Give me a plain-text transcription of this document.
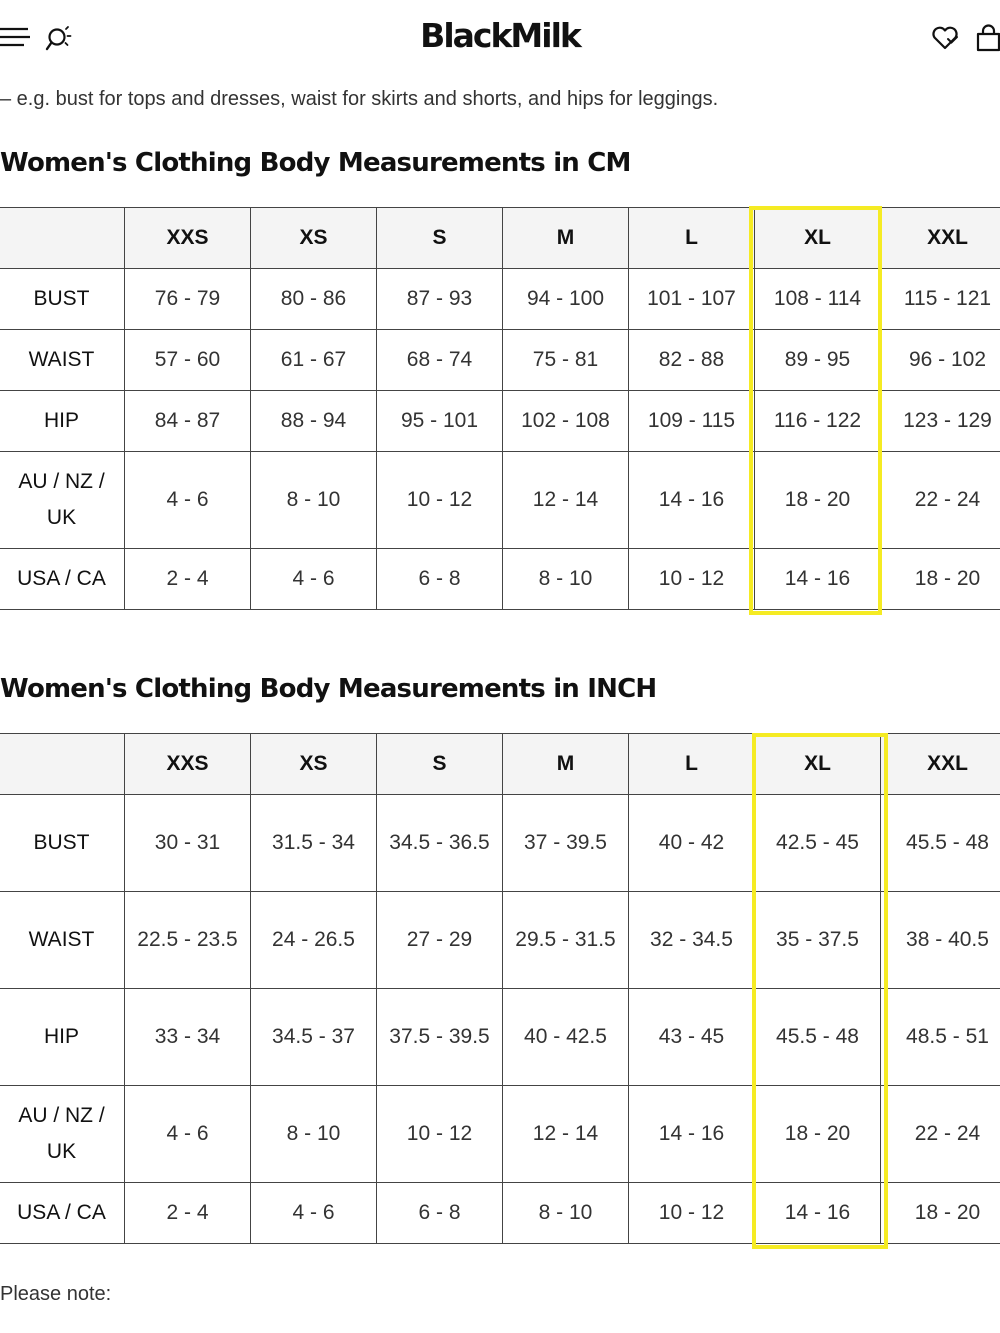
BlackMilk
– e.g. bust for tops and dresses, waist for skirts and shorts, and hips for leggings.
Women's Clothing Body Measurements in CM
	XXS	XS	S	M	L	XL	XXL
BUST	76 - 79	80 - 86	87 - 93	94 - 100	101 - 107	108 - 114	115 - 121
WAIST	57 - 60	61 - 67	68 - 74	75 - 81	82 - 88	89 - 95	96 - 102
HIP	84 - 87	88 - 94	95 - 101	102 - 108	109 - 115	116 - 122	123 - 129
AU / NZ / UK	4 - 6	8 - 10	10 - 12	12 - 14	14 - 16	18 - 20	22 - 24
USA / CA	2 - 4	4 - 6	6 - 8	8 - 10	10 - 12	14 - 16	18 - 20
Women's Clothing Body Measurements in INCH
	XXS	XS	S	M	L	XL	XXL
BUST	30 - 31	31.5 - 34	34.5 - 36.5	37 - 39.5	40 - 42	42.5 - 45	45.5 - 48
WAIST	22.5 - 23.5	24 - 26.5	27 - 29	29.5 - 31.5	32 - 34.5	35 - 37.5	38 - 40.5
HIP	33 - 34	34.5 - 37	37.5 - 39.5	40 - 42.5	43 - 45	45.5 - 48	48.5 - 51
AU / NZ / UK	4 - 6	8 - 10	10 - 12	12 - 14	14 - 16	18 - 20	22 - 24
USA / CA	2 - 4	4 - 6	6 - 8	8 - 10	10 - 12	14 - 16	18 - 20
Please note:
